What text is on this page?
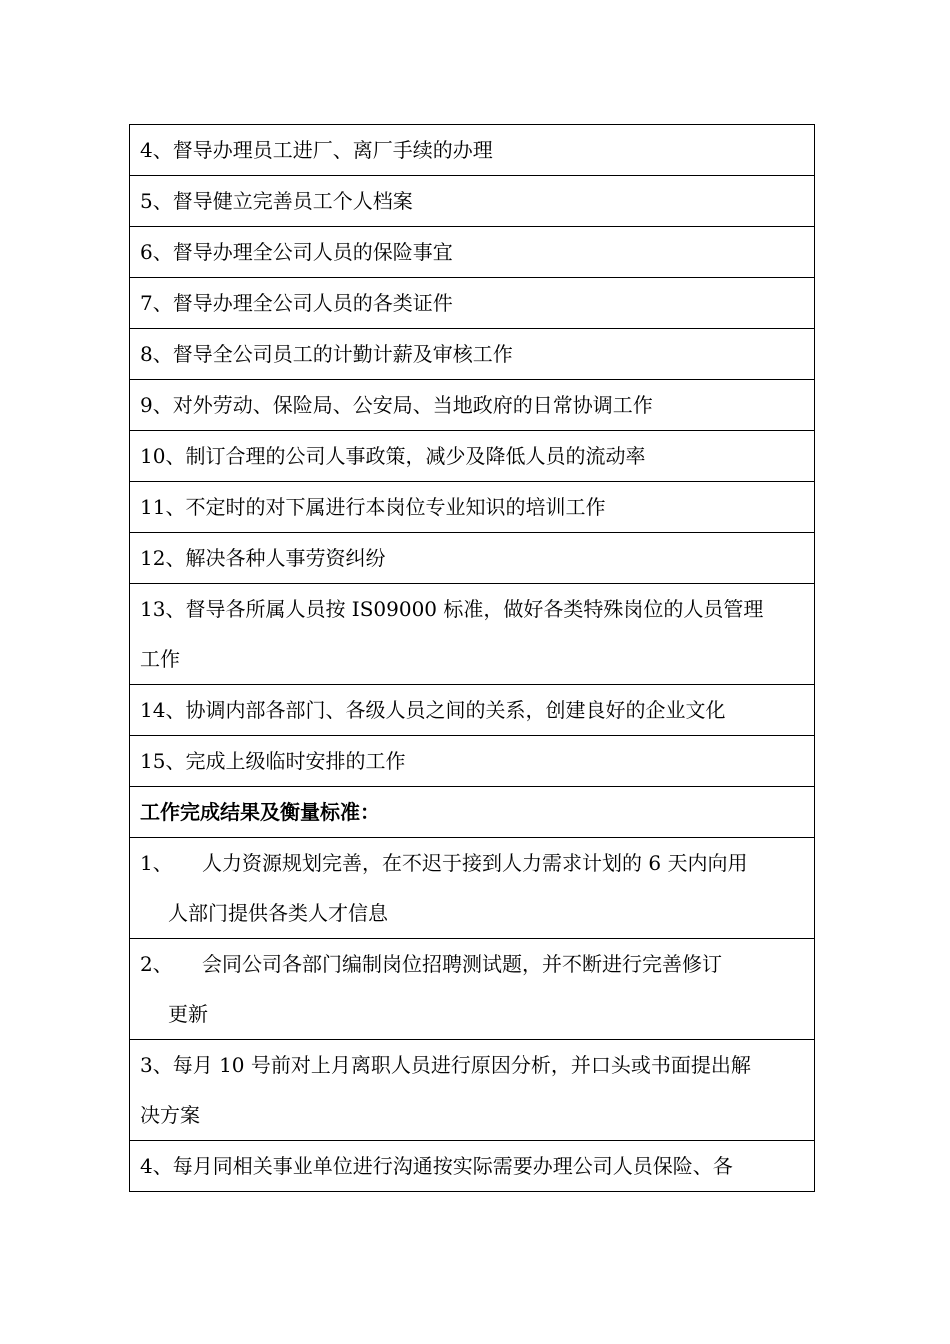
4、督导办理员工进厂、离厂手续的办理
5、督导健立完善员工个人档案
6、督导办理全公司人员的保险事宜
7、督导办理全公司人员的各类证件
8、督导全公司员工的计勤计薪及审核工作
9、对外劳动、保险局、公安局、当地政府的日常协调工作
10、制订合理的公司人事政策，减少及降低人员的流动率
11、不定时的对下属进行本岗位专业知识的培训工作
12、解决各种人事劳资纠纷

13、督导各所属人员按 IS09000 标准，做好各类特殊岗位的人员管理
工作

14、协调内部各部门、各级人员之间的关系，创建良好的企业文化
15、完成上级临时安排的工作
工作完成结果及衡量标准：

1、 人力资源规划完善，在不迟于接到人力需求计划的 6 天内向用
人部门提供各类人才信息

2、 会同公司各部门编制岗位招聘测试题，并不断进行完善修订
更新

3、每月 10 号前对上月离职人员进行原因分析，并口头或书面提出解
决方案

4、每月同相关事业单位进行沟通按实际需要办理公司人员保险、各
